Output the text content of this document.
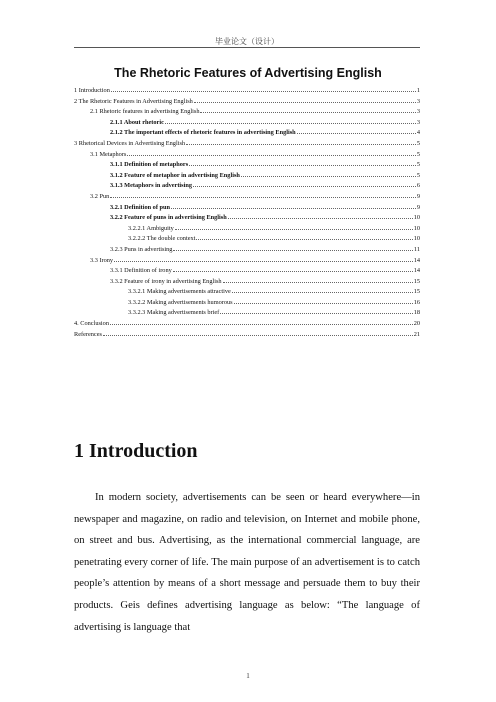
毕业论文（设计）
The Rhetoric Features of Advertising English
1 Introduction	1
2 The Rhetoric Features in Advertising English	3
2.1 Rhetoric features in advertising English	3
2.1.1 About rhetoric	3
2.1.2 The important effects of rhetoric features in advertising English	4
3 Rhetorical Devices in Advertising English	5
3.1 Metaphors	5
3.1.1 Definition of metaphors	5
3.1.2 Feature of metaphor in advertising English	5
3.1.3 Metaphors in advertising	6
3.2 Pun	9
3.2.1 Definition of pun	9
3.2.2 Feature of puns in advertising English	10
3.2.2.1 Ambiguity	10
3.2.2.2 The double context	10
3.2.3 Puns in advertising	11
3.3 Irony	14
3.3.1 Definition of irony	14
3.3.2 Feature of irony in advertising English	15
3.3.2.1 Making advertisements attractive	15
3.3.2.2 Making advertisements humorous	16
3.3.2.3 Making advertisements brief	18
4. Conclusion	20
References	21
1 Introduction
In modern society, advertisements can be seen or heard everywhere—in newspaper and magazine, on radio and television, on Internet and mobile phone, on street and bus. Advertising, as the international commercial language, are penetrating every corner of life. The main purpose of an advertisement is to catch people’s attention by means of a short message and persuade them to buy their products. Geis defines advertising language as below: “The language of advertising is language that
1
